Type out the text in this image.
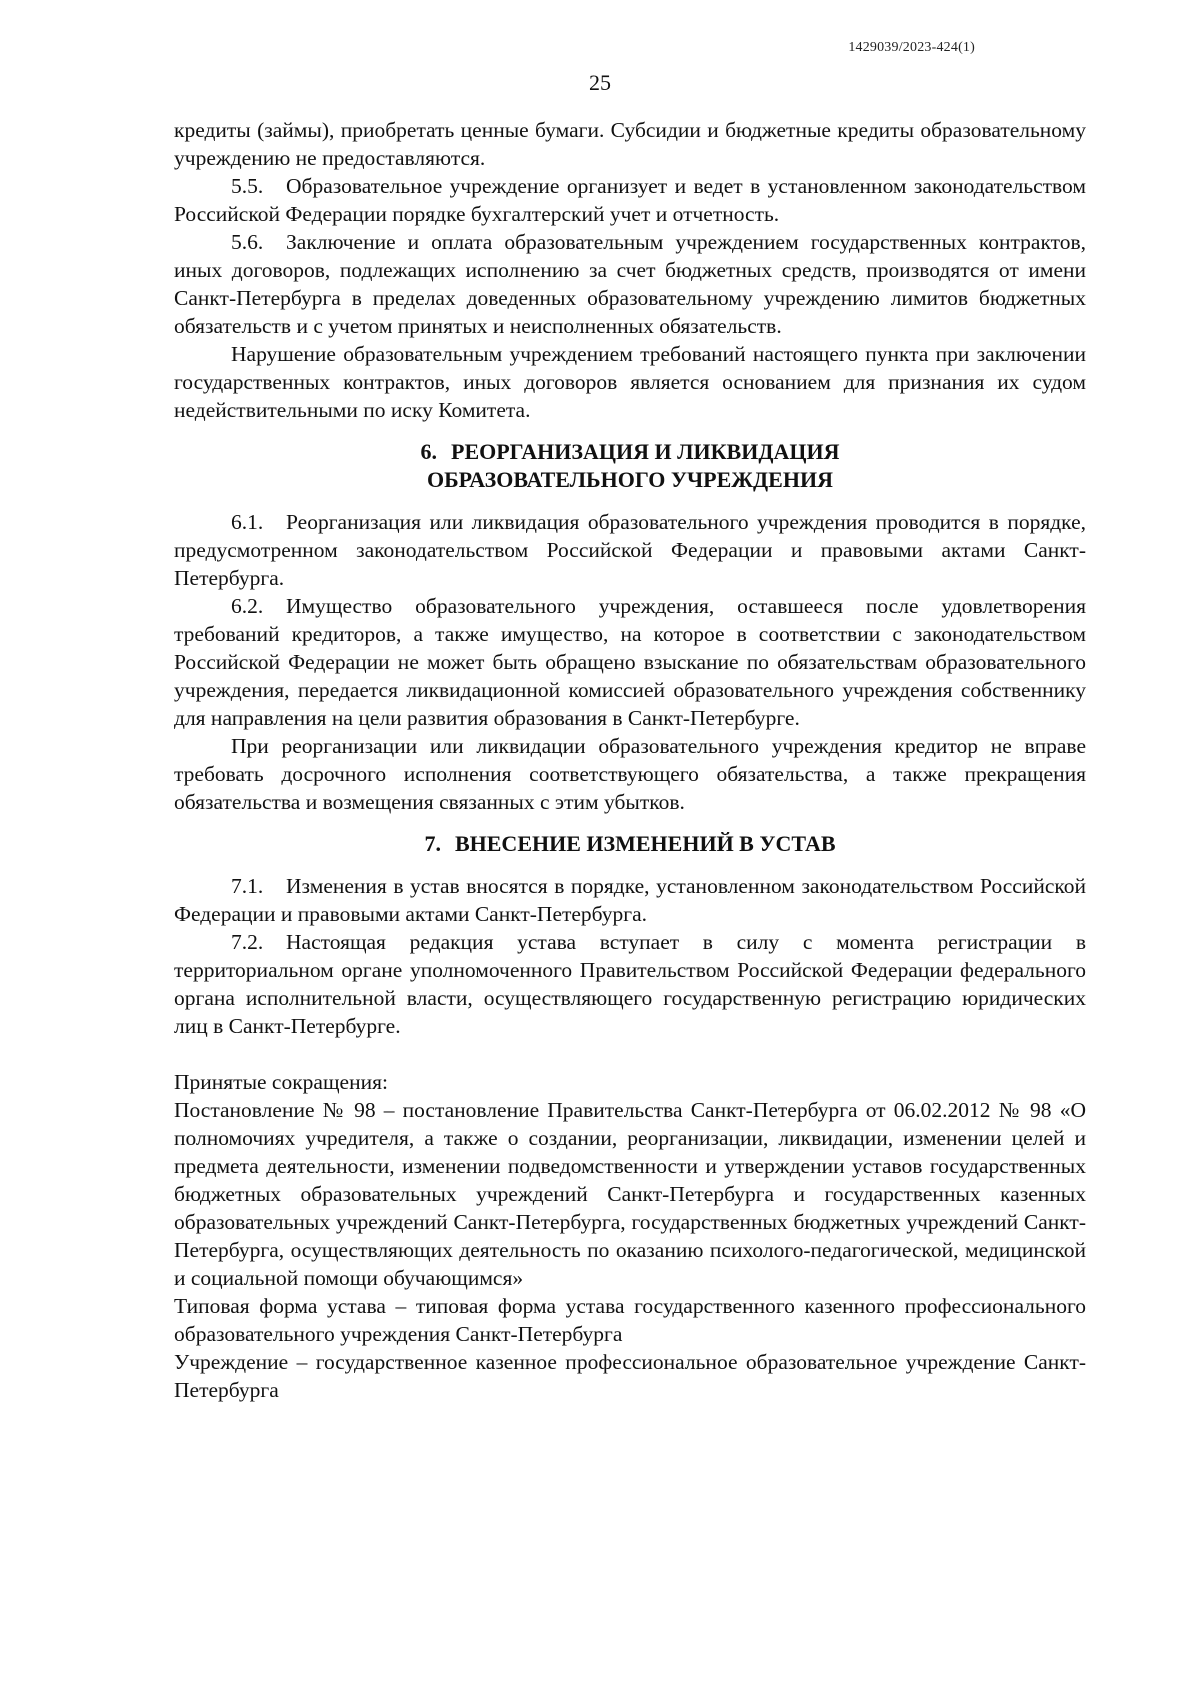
1429039/2023-424(1)
25

кредиты (займы), приобретать ценные бумаги. Субсидии и бюджетные кредиты образовательному учреждению не предоставляются.

5.5. Образовательное учреждение организует и ведет в установленном законодательством Российской Федерации порядке бухгалтерский учет и отчетность.

5.6. Заключение и оплата образовательным учреждением государственных контрактов, иных договоров, подлежащих исполнению за счет бюджетных средств, производятся от имени Санкт-Петербурга в пределах доведенных образовательному учреждению лимитов бюджетных обязательств и с учетом принятых и неисполненных обязательств.

Нарушение образовательным учреждением требований настоящего пункта при заключении государственных контрактов, иных договоров является основанием для признания их судом недействительными по иску Комитета.

6. РЕОРГАНИЗАЦИЯ И ЛИКВИДАЦИЯ
ОБРАЗОВАТЕЛЬНОГО УЧРЕЖДЕНИЯ

6.1. Реорганизация или ликвидация образовательного учреждения проводится в порядке, предусмотренном законодательством Российской Федерации и правовыми актами Санкт-Петербурга.

6.2. Имущество образовательного учреждения, оставшееся после удовлетворения требований кредиторов, а также имущество, на которое в соответствии с законодательством Российской Федерации не может быть обращено взыскание по обязательствам образовательного учреждения, передается ликвидационной комиссией образовательного учреждения собственнику для направления на цели развития образования в Санкт-Петербурге.

При реорганизации или ликвидации образовательного учреждения кредитор не вправе требовать досрочного исполнения соответствующего обязательства, а также прекращения обязательства и возмещения связанных с этим убытков.

7. ВНЕСЕНИЕ ИЗМЕНЕНИЙ В УСТАВ

7.1. Изменения в устав вносятся в порядке, установленном законодательством Российской Федерации и правовыми актами Санкт-Петербурга.

7.2. Настоящая редакция устава вступает в силу с момента регистрации в территориальном органе уполномоченного Правительством Российской Федерации федерального органа исполнительной власти, осуществляющего государственную регистрацию юридических лиц в Санкт-Петербурге.

Принятые сокращения:

Постановление № 98 – постановление Правительства Санкт-Петербурга от 06.02.2012 № 98 «О полномочиях учредителя, а также о создании, реорганизации, ликвидации, изменении целей и предмета деятельности, изменении подведомственности и утверждении уставов государственных бюджетных образовательных учреждений Санкт-Петербурга и государственных казенных образовательных учреждений Санкт-Петербурга, государственных бюджетных учреждений Санкт-Петербурга, осуществляющих деятельность по оказанию психолого-педагогической, медицинской и социальной помощи обучающимся»

Типовая форма устава – типовая форма устава государственного казенного профессионального образовательного учреждения Санкт-Петербурга

Учреждение – государственное казенное профессиональное образовательное учреждение Санкт-Петербурга
